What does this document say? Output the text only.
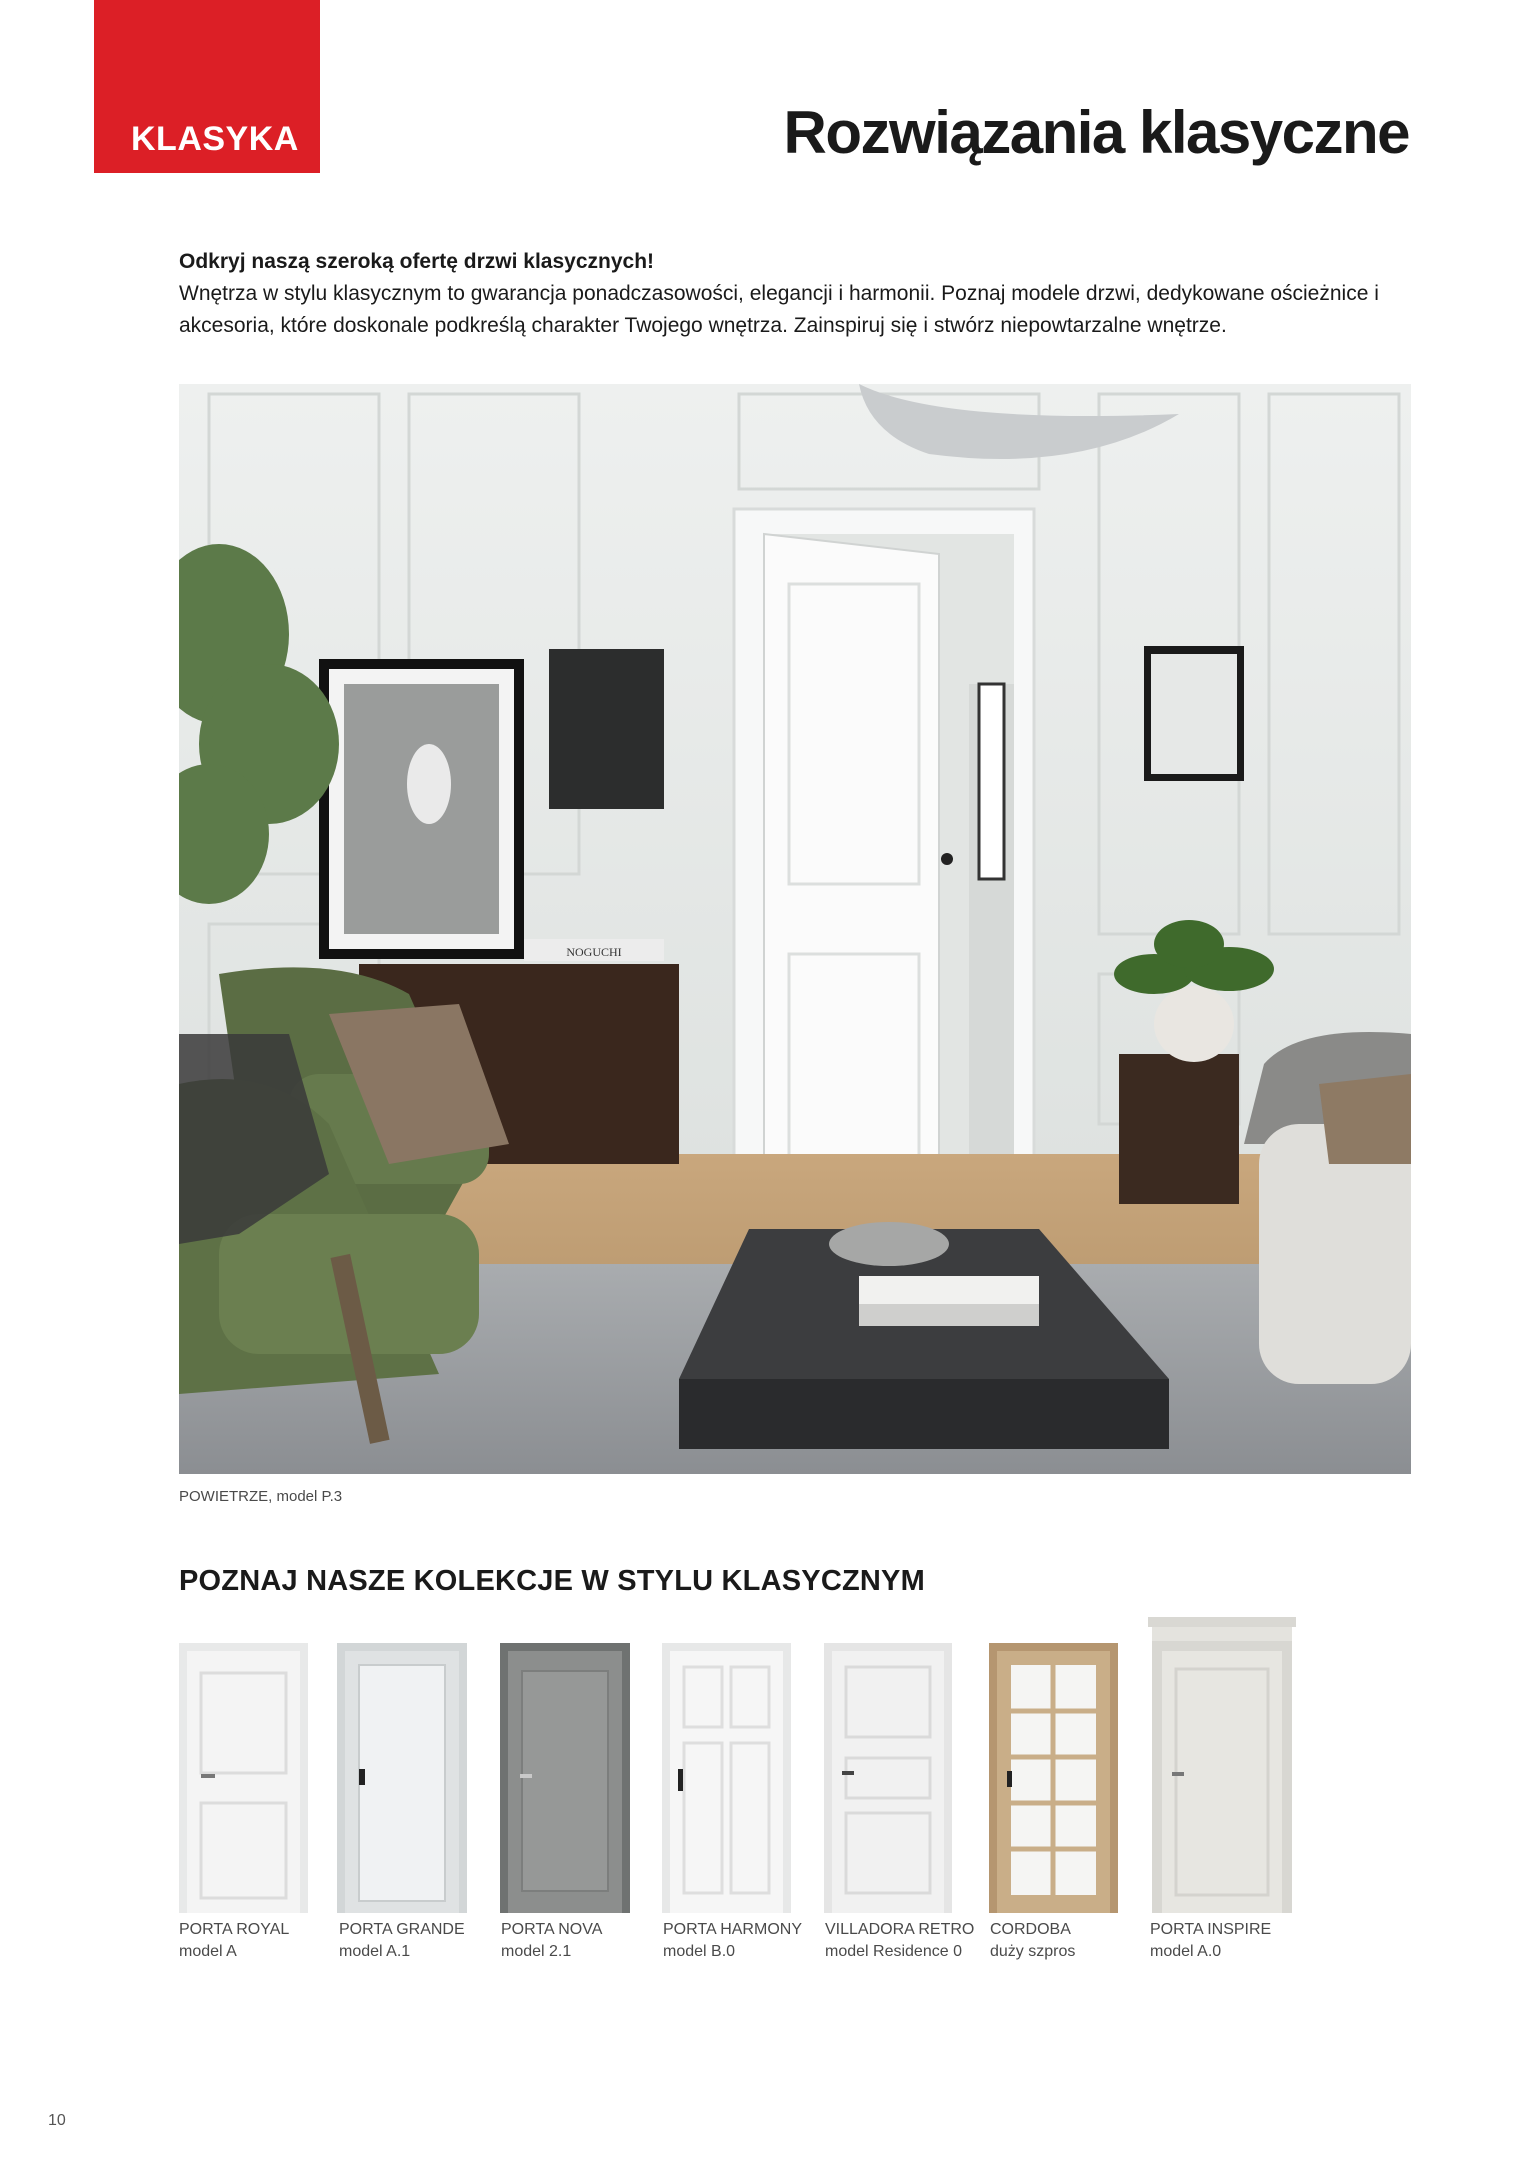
KLASYKA	Rozwiązania klasyczne
Odkryj naszą szeroką ofertę drzwi klasycznych!
Wnętrza w stylu klasycznym to gwarancja ponadczasowości, elegancji i harmonii. Poznaj modele drzwi, dedykowane ościeżnice i akcesoria, które doskonale podkreślą charakter Twojego wnętrza. Zainspiruj się i stwórz niepowtarzalne wnętrze.
NOGUCHI
POWIETRZE, model P.3
POZNAJ NASZE KOLEKCJE W STYLU KLASYCZNYM
PORTA ROYAL
model A
PORTA GRANDE
model A.1
PORTA NOVA
model 2.1
PORTA HARMONY
model B.0
VILLADORA RETRO
model Residence 0
CORDOBA
duży szpros
PORTA INSPIRE
model A.0
10
